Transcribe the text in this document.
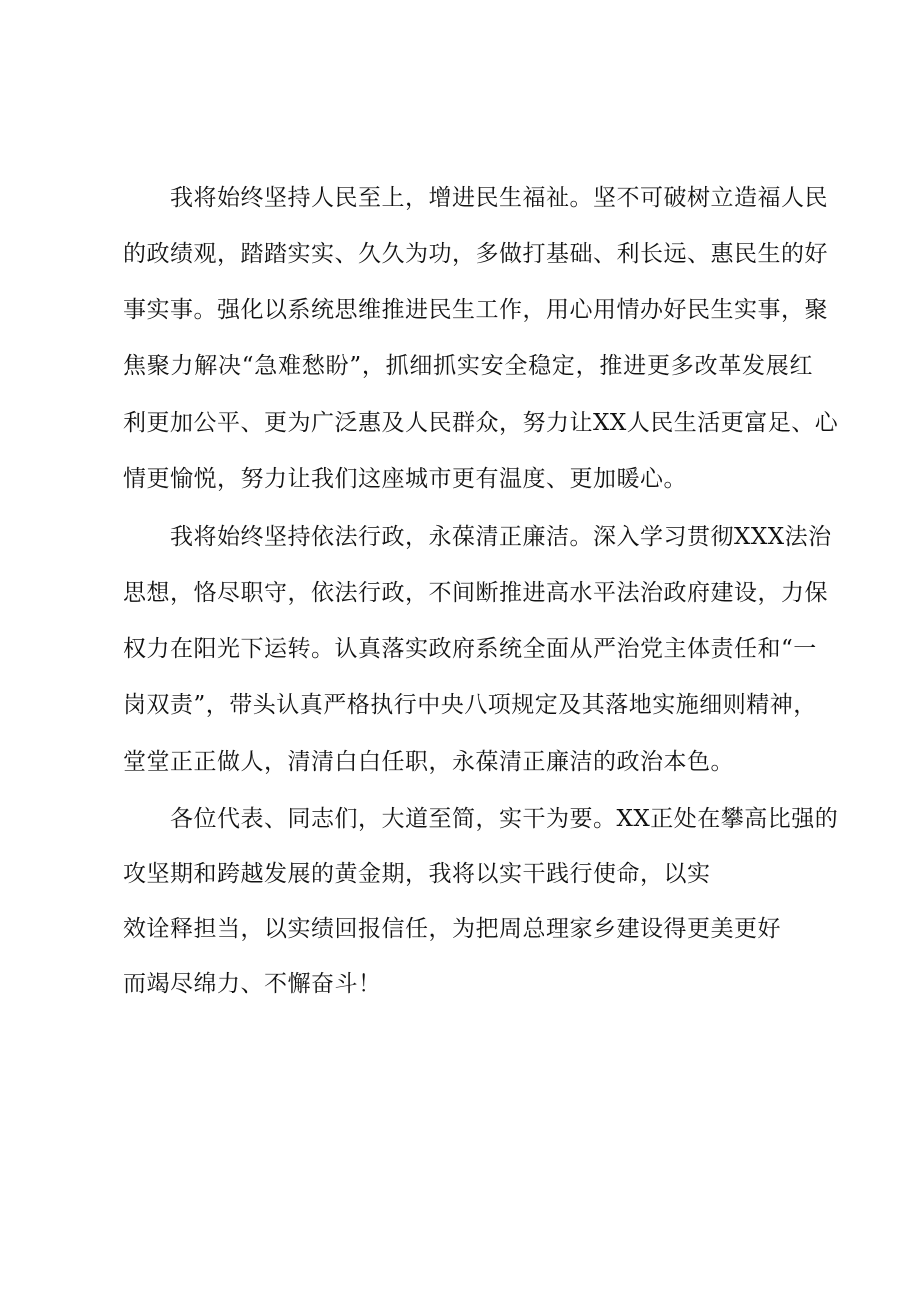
我将始终坚持人民至上，增进民生福祉。坚不可破树立造福人民
的政绩观，踏踏实实、久久为功，多做打基础、利长远、惠民生的好
事实事。强化以系统思维推进民生工作，用心用情办好民生实事，聚
焦聚力解决“急难愁盼”，抓细抓实安全稳定，推进更多改革发展红
利更加公平、更为广泛惠及人民群众，努力让XX人民生活更富足、心
情更愉悦，努力让我们这座城市更有温度、更加暖心。
我将始终坚持依法行政，永葆清正廉洁。深入学习贯彻XXX法治
思想，恪尽职守，依法行政，不间断推进高水平法治政府建设，力保
权力在阳光下运转。认真落实政府系统全面从严治党主体责任和“一
岗双责”，带头认真严格执行中央八项规定及其落地实施细则精神，
堂堂正正做人，清清白白任职，永葆清正廉洁的政治本色。
各位代表、同志们，大道至简，实干为要。XX正处在攀高比强的
攻坚期和跨越发展的黄金期，我将以实干践行使命，以实
效诠释担当，以实绩回报信任，为把周总理家乡建设得更美更好
而竭尽绵力、不懈奋斗！
